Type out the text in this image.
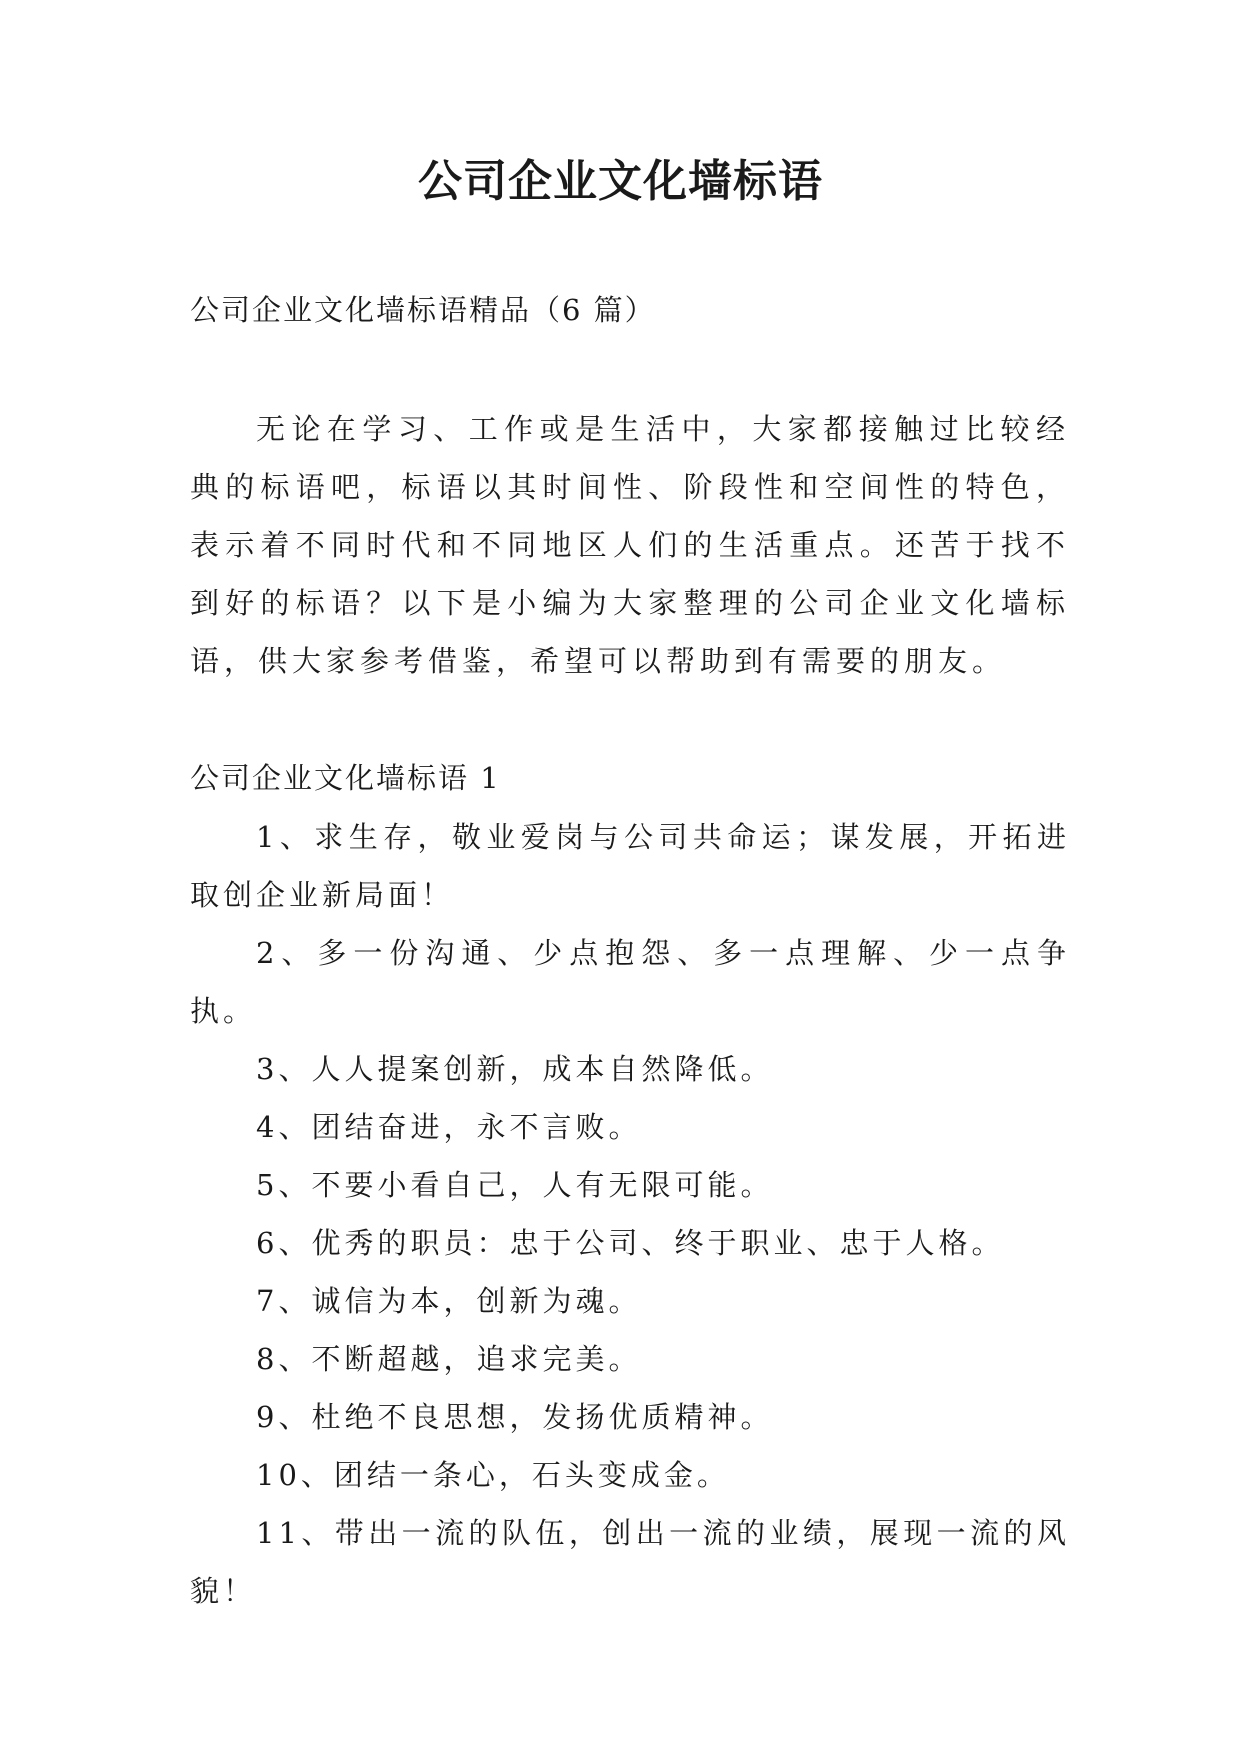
公司企业文化墙标语
公司企业文化墙标语精品（6 篇）

无论在学习、工作或是生活中，大家都接触过比较经典的标语吧，标语以其时间性、阶段性和空间性的特色，表示着不同时代和不同地区人们的生活重点。还苦于找不到好的标语？以下是小编为大家整理的公司企业文化墙标语，供大家参考借鉴，希望可以帮助到有需要的朋友。

公司企业文化墙标语 1
1、求生存，敬业爱岗与公司共命运；谋发展，开拓进取创企业新局面！
2、多一份沟通、少点抱怨、多一点理解、少一点争执。
3、人人提案创新，成本自然降低。
4、团结奋进，永不言败。
5、不要小看自己，人有无限可能。
6、优秀的职员：忠于公司、终于职业、忠于人格。
7、诚信为本，创新为魂。
8、不断超越，追求完美。
9、杜绝不良思想，发扬优质精神。
10、团结一条心，石头变成金。
11、带出一流的队伍，创出一流的业绩，展现一流的风貌！
